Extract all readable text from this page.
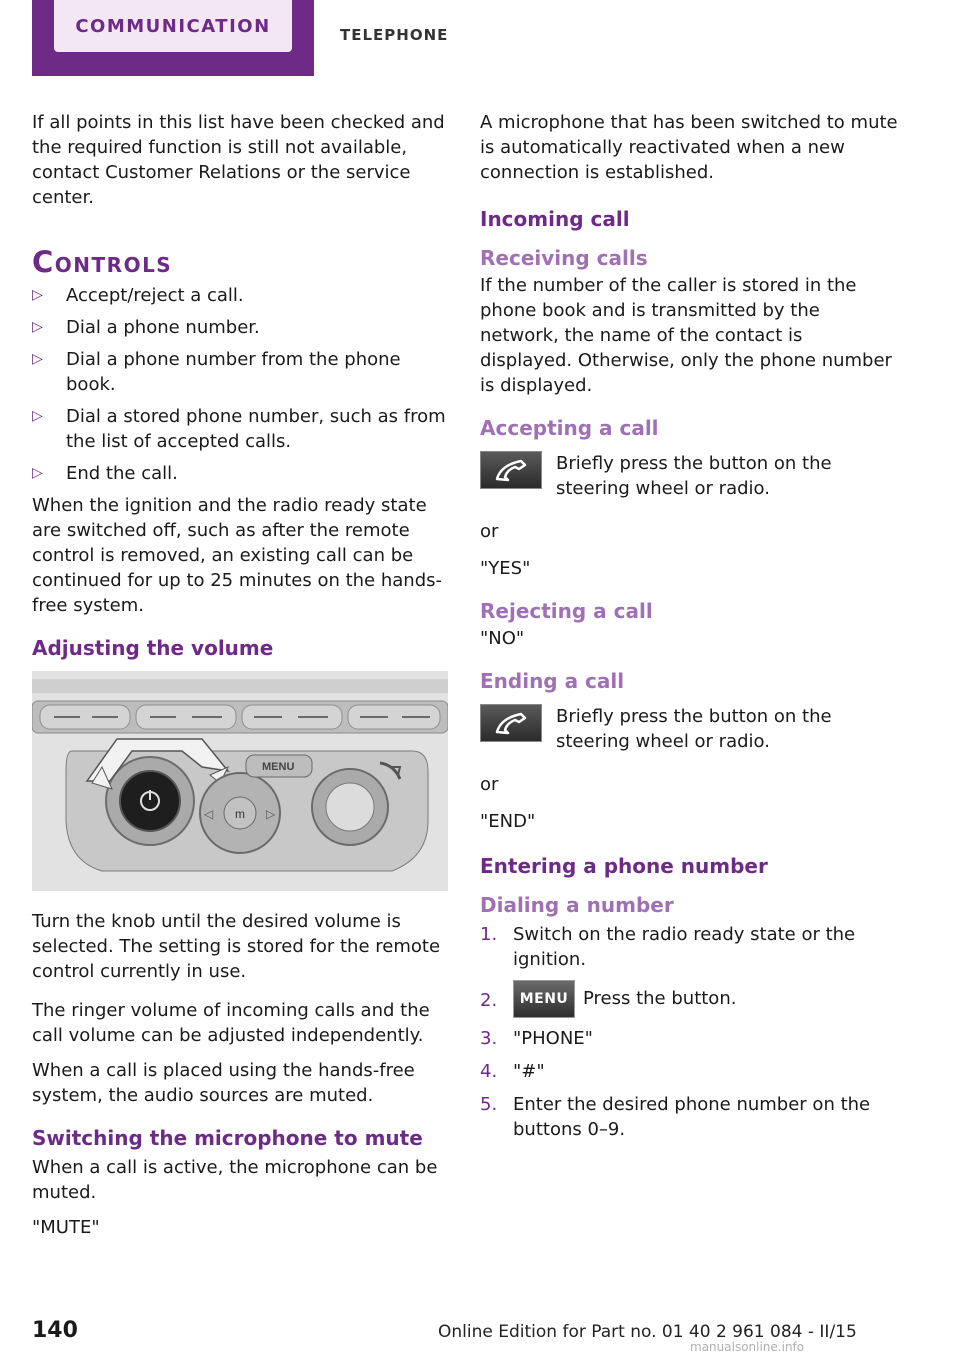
COMMUNICATION	TELEPHONE

If all points in this list have been checked and the required function is still not available, contact Customer Relations or the service center.

Controls
▷ Accept/reject a call.
▷ Dial a phone number.
▷ Dial a phone number from the phone book.
▷ Dial a stored phone number, such as from the list of accepted calls.
▷ End the call.

When the ignition and the radio ready state are switched off, such as after the remote control is removed, an existing call can be continued for up to 25 minutes on the hands-free system.

Adjusting the volume
m
◁	▷
MENU

Turn the knob until the desired volume is selected. The setting is stored for the remote control currently in use.

The ringer volume of incoming calls and the call volume can be adjusted independently.

When a call is placed using the hands-free system, the audio sources are muted.

Switching the microphone to mute

When a call is active, the microphone can be muted.

"MUTE"

A microphone that has been switched to mute is automatically reactivated when a new connection is established.

Incoming call
Receiving calls

If the number of the caller is stored in the phone book and is transmitted by the network, the name of the contact is displayed. Otherwise, only the phone number is displayed.

Accepting a call
Briefly press the button on the steering wheel or radio.

or

"YES"

Rejecting a call

"NO"

Ending a call
Briefly press the button on the steering wheel or radio.

or

"END"

Entering a phone number
Dialing a number
1. Switch on the radio ready state or the ignition.
2. MENU Press the button.
3. "PHONE"
4. "#"
5. Enter the desired phone number on the buttons 0–9.
140	Online Edition for Part no. 01 40 2 961 084 - II/15
manualsonline.info
